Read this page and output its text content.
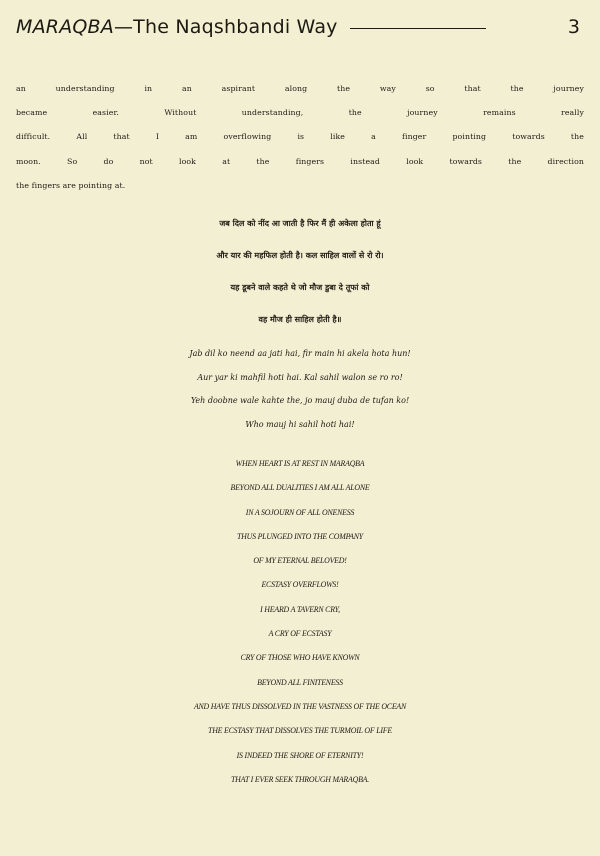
MARAQBA—The Naqshbandi Way	3

an understanding in an aspirant along the way so that the journey
became easier. Without understanding, the journey remains really
difficult. All that I am overflowing is like a finger pointing towards the
moon. So do not look at the fingers instead look towards the direction
the fingers are pointing at.

जब दिल को नींद आ जाती है फिर मैं ही अकेला होता हूं
और यार की महफिल होती है। कल साहिल वालों से रो रो।
यह डूबने वाले कहते थे जो मौज डुबा दे तूफां को
वह मौज ही साहिल होती है॥
Jab dil ko neend aa jati hai, fir main hi akela hota hun!
Aur yar ki mahfil hoti hai. Kal sahil walon se ro ro!
Yeh doobne wale kahte the, jo mauj duba de tufan ko!
Who mauj hi sahil hoti hai!
WHEN HEART IS AT REST IN MARAQBA
BEYOND ALL DUALITIES I AM ALL ALONE
IN A SOJOURN OF ALL ONENESS
THUS PLUNGED INTO THE COMPANY
OF MY ETERNAL BELOVED!
ECSTASY OVERFLOWS!
I HEARD A TAVERN CRY,
A CRY OF ECSTASY
CRY OF THOSE WHO HAVE KNOWN
BEYOND ALL FINITENESS
AND HAVE THUS DISSOLVED IN THE VASTNESS OF THE OCEAN
THE ECSTASY THAT DISSOLVES THE TURMOIL OF LIFE
IS INDEED THE SHORE OF ETERNITY!
THAT I EVER SEEK THROUGH MARAQBA.
